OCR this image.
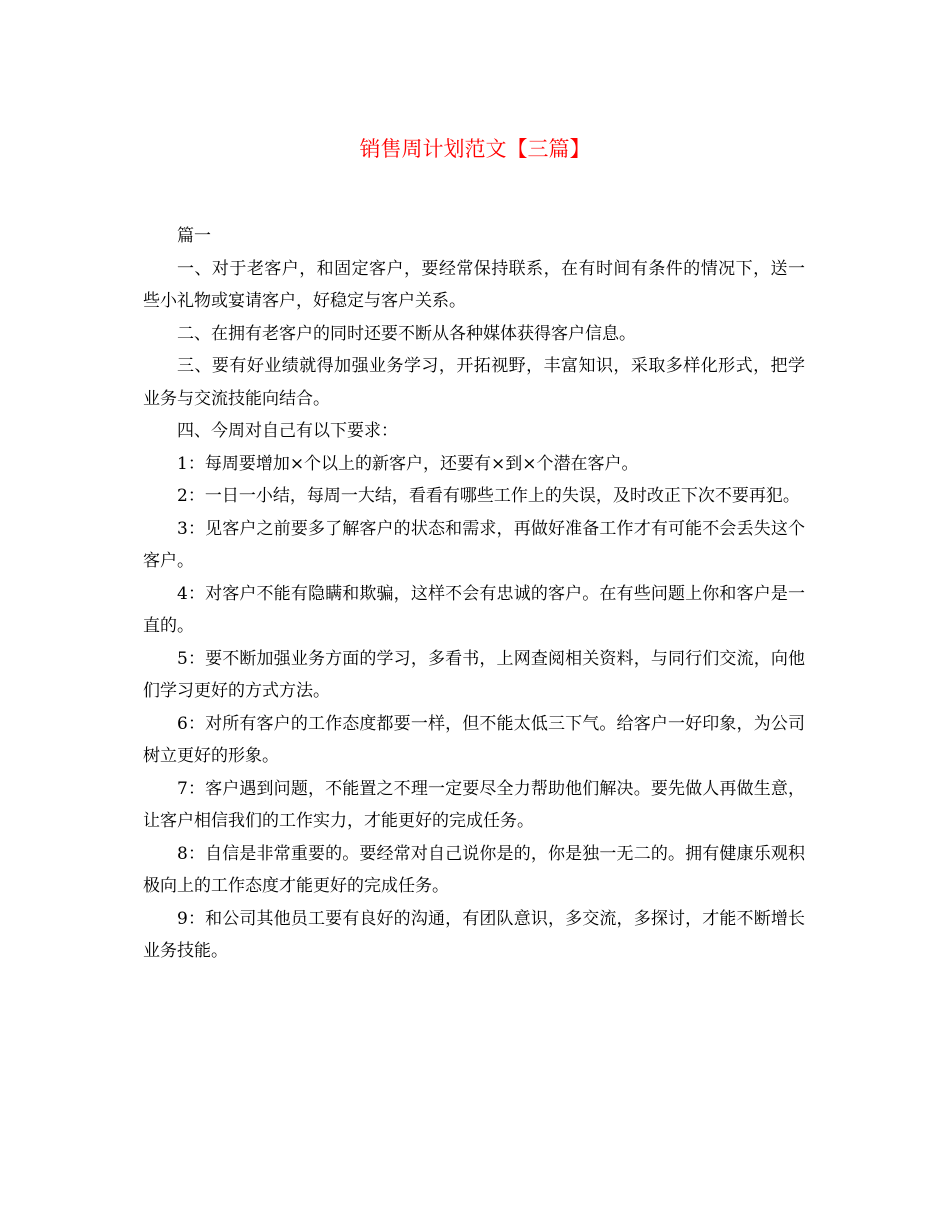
销售周计划范文【三篇】

篇一

一、对于老客户，和固定客户，要经常保持联系，在有时间有条件的情况下，送一些小礼物或宴请客户，好稳定与客户关系。

二、在拥有老客户的同时还要不断从各种媒体获得客户信息。

三、要有好业绩就得加强业务学习，开拓视野，丰富知识，采取多样化形式，把学业务与交流技能向结合。

四、今周对自己有以下要求：

1：每周要增加×个以上的新客户，还要有×到×个潜在客户。

2：一日一小结，每周一大结，看看有哪些工作上的失误，及时改正下次不要再犯。

3：见客户之前要多了解客户的状态和需求，再做好准备工作才有可能不会丢失这个客户。

4：对客户不能有隐瞒和欺骗，这样不会有忠诚的客户。在有些问题上你和客户是一直的。

5：要不断加强业务方面的学习，多看书，上网查阅相关资料，与同行们交流，向他们学习更好的方式方法。

6：对所有客户的工作态度都要一样，但不能太低三下气。给客户一好印象，为公司树立更好的形象。

7：客户遇到问题，不能置之不理一定要尽全力帮助他们解决。要先做人再做生意，让客户相信我们的工作实力，才能更好的完成任务。

8：自信是非常重要的。要经常对自己说你是的，你是独一无二的。拥有健康乐观积极向上的工作态度才能更好的完成任务。

9：和公司其他员工要有良好的沟通，有团队意识，多交流，多探讨，才能不断增长业务技能。
